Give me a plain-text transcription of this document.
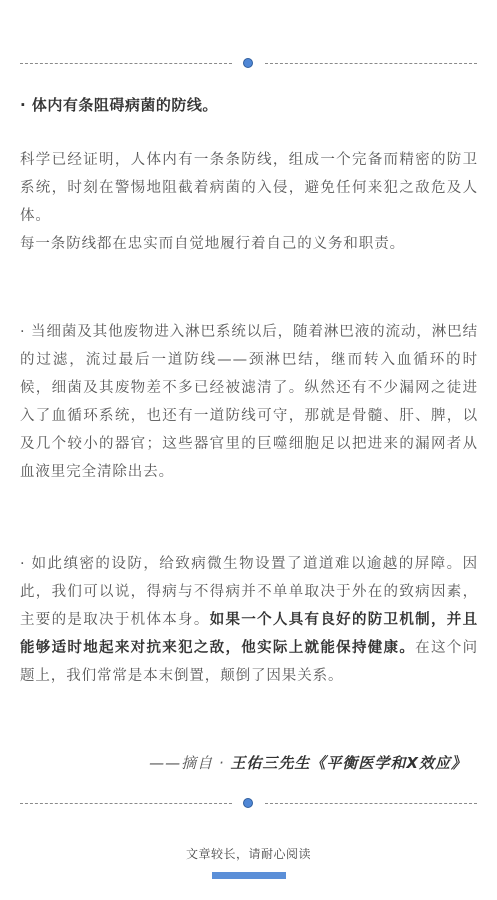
· 体内有条阻碍病菌的防线。

科学已经证明，人体内有一条条防线，组成一个完备而精密的防卫系统，时刻在警惕地阻截着病菌的入侵，避免任何来犯之敌危及人体。
每一条防线都在忠实而自觉地履行着自己的义务和职责。

· 当细菌及其他废物进入淋巴系统以后，随着淋巴液的流动，淋巴结的过滤，流过最后一道防线——颈淋巴结，继而转入血循环的时候，细菌及其废物差不多已经被滤清了。纵然还有不少漏网之徒进入了血循环系统，也还有一道防线可守，那就是骨髓、肝、脾，以及几个较小的器官；这些器官里的巨噬细胞足以把进来的漏网者从血液里完全清除出去。

· 如此缜密的设防，给致病微生物设置了道道难以逾越的屏障。因此，我们可以说，得病与不得病并不单单取决于外在的致病因素，主要的是取决于机体本身。如果一个人具有良好的防卫机制，并且能够适时地起来对抗来犯之敌，他实际上就能保持健康。在这个问题上，我们常常是本末倒置，颠倒了因果关系。

——摘自 · 王佑三先生《平衡医学和X效应》
文章较长，请耐心阅读
